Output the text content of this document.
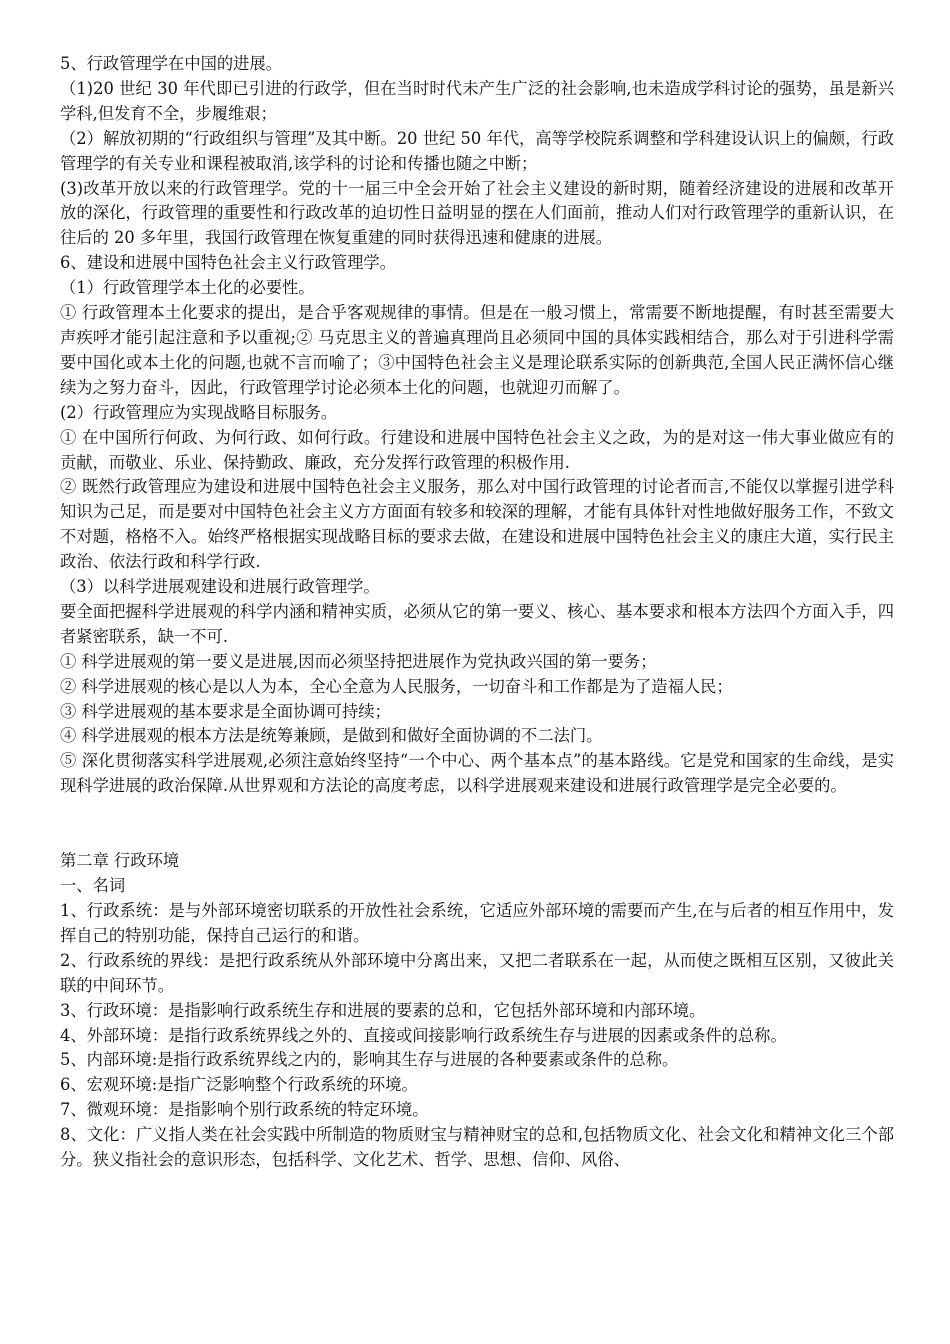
5、行政管理学在中国的进展。

（1)20 世纪 30 年代即已引进的行政学，但在当时时代未产生广泛的社会影响,也未造成学科讨论的强势，虽是新兴学科,但发育不全，步履维艰；

（2）解放初期的“行政组织与管理”及其中断。20 世纪 50 年代，高等学校院系调整和学科建设认识上的偏颇，行政管理学的有关专业和课程被取消,该学科的讨论和传播也随之中断；

(3)改革开放以来的行政管理学。党的十一届三中全会开始了社会主义建设的新时期，随着经济建设的进展和改革开放的深化，行政管理的重要性和行政改革的迫切性日益明显的摆在人们面前，推动人们对行政管理学的重新认识，在往后的 20 多年里，我国行政管理在恢复重建的同时获得迅速和健康的进展。

6、建设和进展中国特色社会主义行政管理学。

（1）行政管理学本土化的必要性。

① 行政管理本土化要求的提出，是合乎客观规律的事情。但是在一般习惯上，常需要不断地提醒，有时甚至需要大声疾呼才能引起注意和予以重视;② 马克思主义的普遍真理尚且必须同中国的具体实践相结合，那么对于引进科学需要中国化或本土化的问题,也就不言而喻了；③中国特色社会主义是理论联系实际的创新典范,全国人民正满怀信心继续为之努力奋斗，因此，行政管理学讨论必须本土化的问题，也就迎刃而解了。

(2）行政管理应为实现战略目标服务。

① 在中国所行何政、为何行政、如何行政。行建设和进展中国特色社会主义之政，为的是对这一伟大事业做应有的贡献，而敬业、乐业、保持勤政、廉政，充分发挥行政管理的积极作用.

② 既然行政管理应为建设和进展中国特色社会主义服务，那么对中国行政管理的讨论者而言,不能仅以掌握引进学科知识为己足，而是要对中国特色社会主义方方面面有较多和较深的理解，才能有具体针对性地做好服务工作，不致文不对题，格格不入。始终严格根据实现战略目标的要求去做，在建设和进展中国特色社会主义的康庄大道，实行民主政治、依法行政和科学行政.

（3）以科学进展观建设和进展行政管理学。

要全面把握科学进展观的科学内涵和精神实质，必须从它的第一要义、核心、基本要求和根本方法四个方面入手，四者紧密联系，缺一不可.

① 科学进展观的第一要义是进展,因而必须坚持把进展作为党执政兴国的第一要务；

② 科学进展观的核心是以人为本，全心全意为人民服务，一切奋斗和工作都是为了造福人民；

③ 科学进展观的基本要求是全面协调可持续；

④ 科学进展观的根本方法是统筹兼顾，是做到和做好全面协调的不二法门。

⑤ 深化贯彻落实科学进展观,必须注意始终坚持“一个中心、两个基本点”的基本路线。它是党和国家的生命线，是实现科学进展的政治保障.从世界观和方法论的高度考虑，以科学进展观来建设和进展行政管理学是完全必要的。

第二章 行政环境

一、名词

1、行政系统：是与外部环境密切联系的开放性社会系统，它适应外部环境的需要而产生,在与后者的相互作用中，发挥自己的特别功能，保持自己运行的和谐。

2、行政系统的界线：是把行政系统从外部环境中分离出来，又把二者联系在一起，从而使之既相互区别，又彼此关联的中间环节。

3、行政环境：是指影响行政系统生存和进展的要素的总和，它包括外部环境和内部环境。

4、外部环境：是指行政系统界线之外的、直接或间接影响行政系统生存与进展的因素或条件的总称。

5、内部环境:是指行政系统界线之内的，影响其生存与进展的各种要素或条件的总称。

6、宏观环境:是指广泛影响整个行政系统的环境。

7、微观环境：是指影响个别行政系统的特定环境。

8、文化：广义指人类在社会实践中所制造的物质财宝与精神财宝的总和,包括物质文化、社会文化和精神文化三个部分。狭义指社会的意识形态，包括科学、文化艺术、哲学、思想、信仰、风俗、
